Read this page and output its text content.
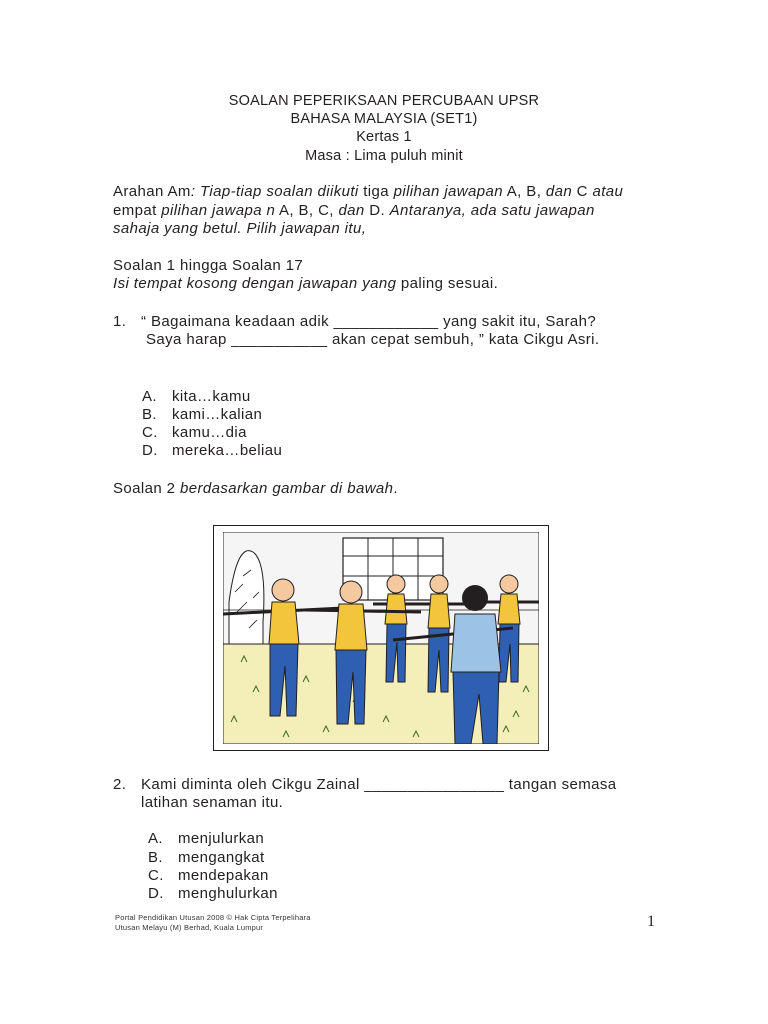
SOALAN PEPERIKSAAN PERCUBAAN UPSR
BAHASA MALAYSIA (SET1)
Kertas 1
Masa : Lima puluh minit
Arahan Am: Tiap-tiap soalan diikuti tiga pilihan jawapan A, B, dan C atau
empat pilihan jawapa n A, B, C, dan D. Antaranya, ada satu jawapan
sahaja yang betul. Pilih jawapan itu,
Soalan 1 hingga Soalan 17
Isi tempat kosong dengan jawapan yang paling sesuai.
1. “ Bagaimana keadaan adik ____________ yang sakit itu, Sarah?
Saya harap ___________ akan cepat sembuh, ” kata Cikgu Asri.
A. kita…kamu
B. kami…kalian
C. kamu…dia
D. mereka…beliau
Soalan 2 berdasarkan gambar di bawah.
2. Kami diminta oleh Cikgu Zainal ________________ tangan semasa
latihan senaman itu.
A. menjulurkan
B. mengangkat
C. mendepakan
D. menghulurkan
Portal Pendidikan Utusan 2008 © Hak Cipta Terpelihara
Utusan Melayu (M) Berhad, Kuala Lumpur	1
